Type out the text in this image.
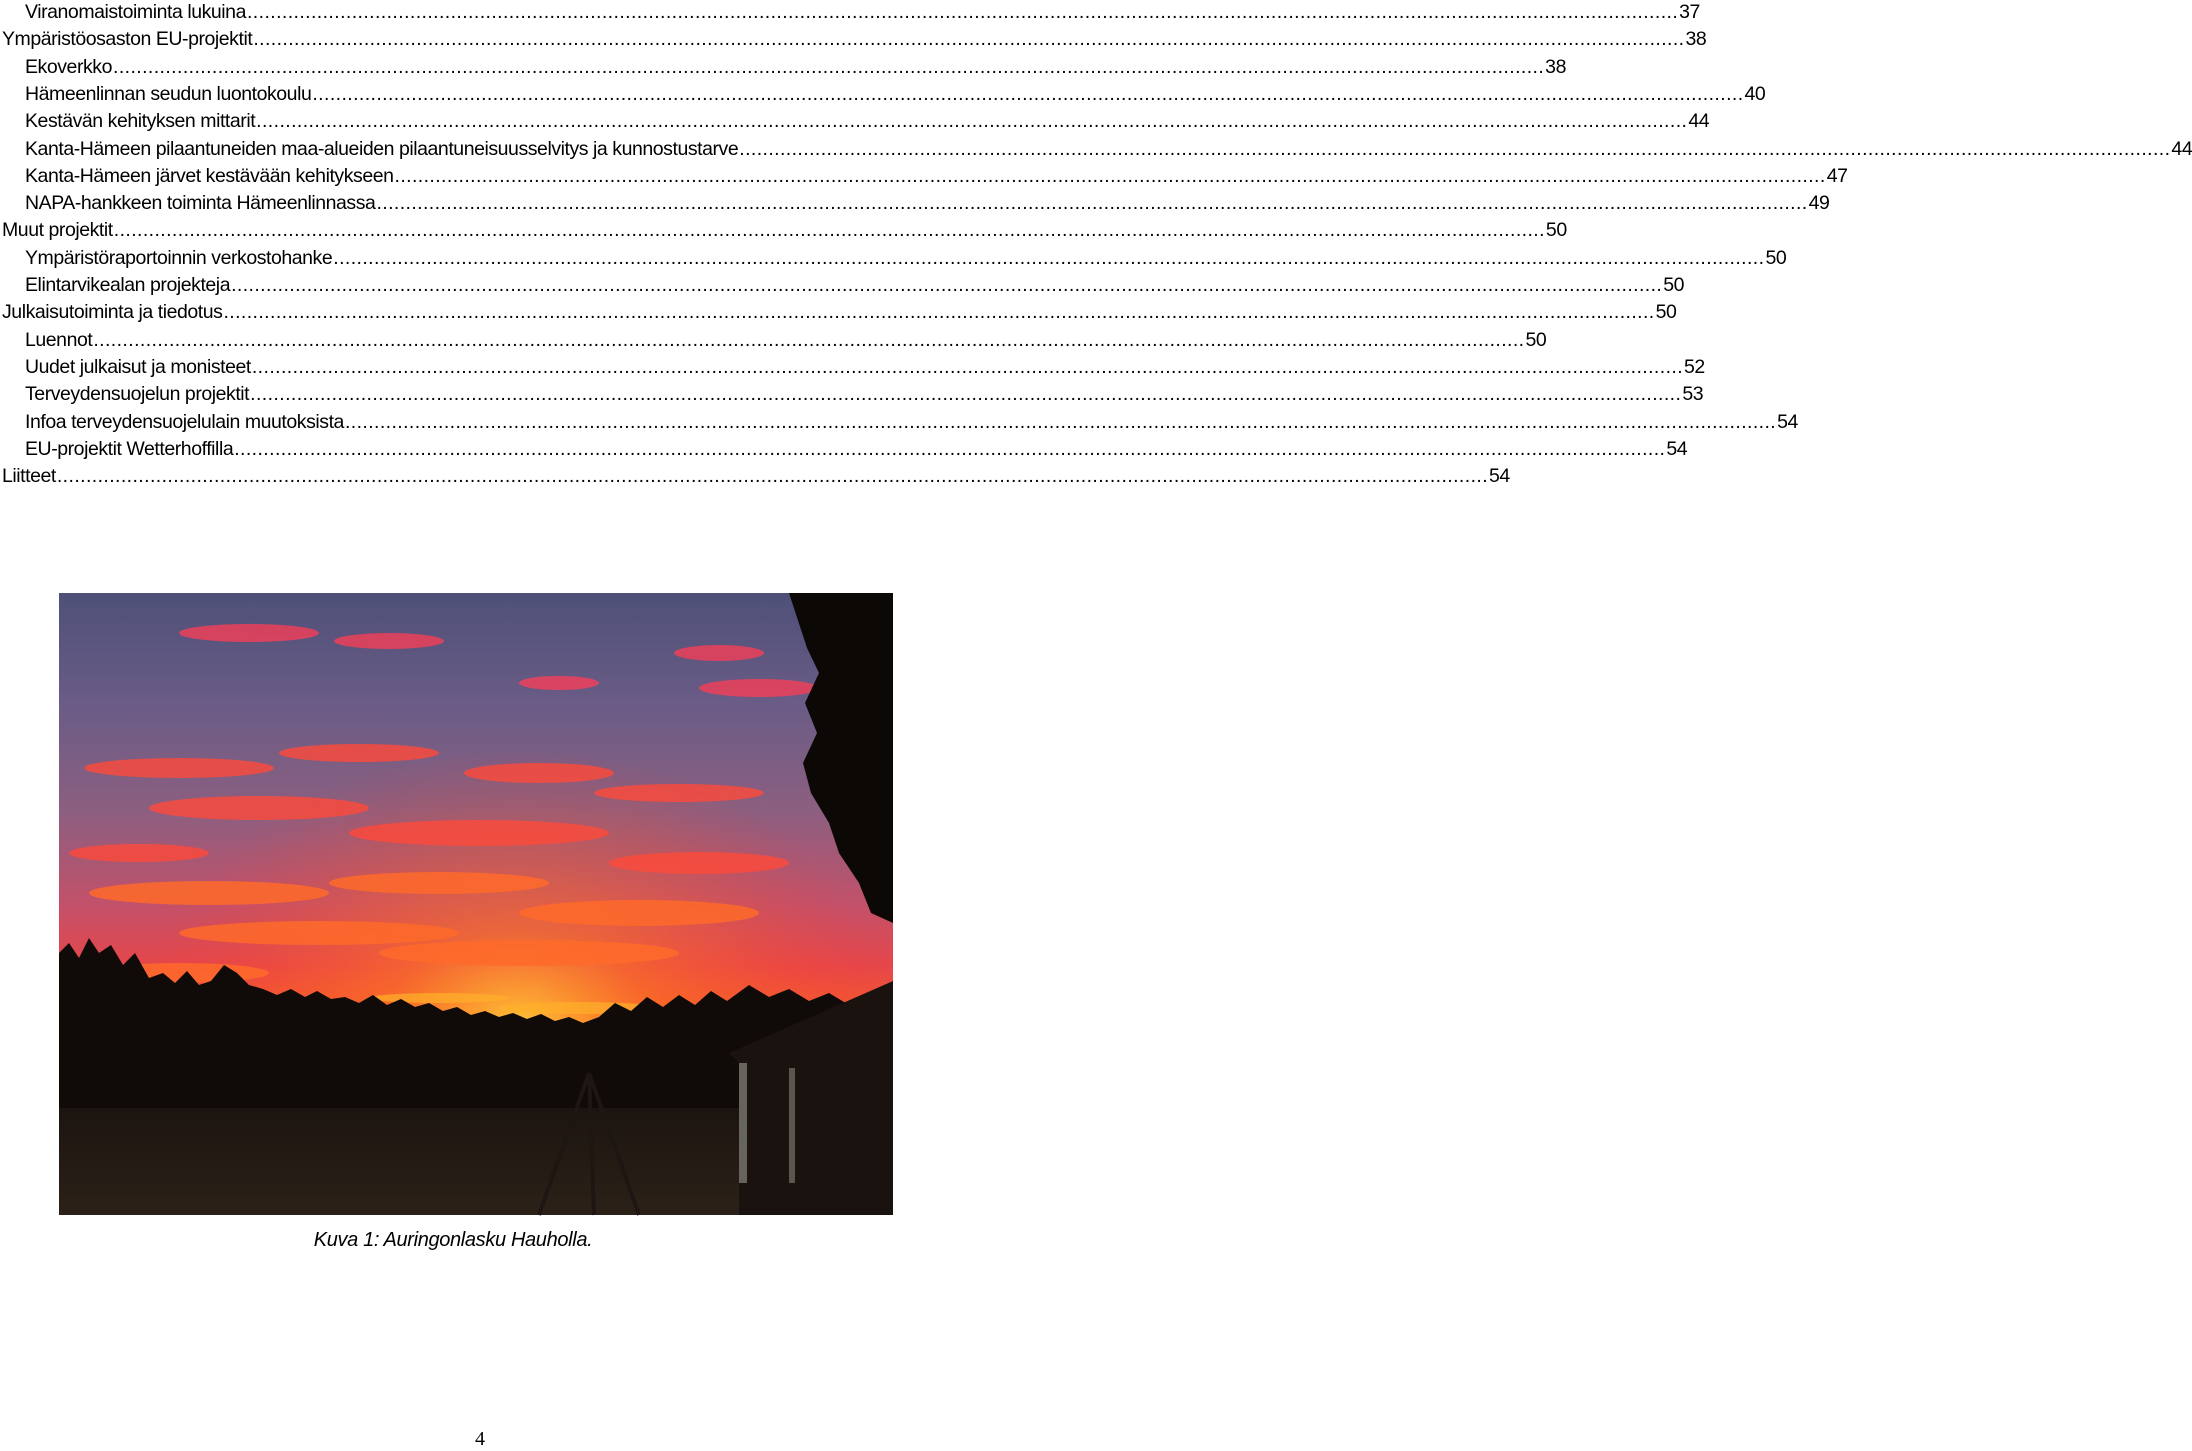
Viranomaistoiminta lukuina .....	37
Ympäristöosaston EU-projektit .....	38
Ekoverkko .....	38
Hämeenlinnan seudun luontokoulu .....	40
Kestävän kehityksen mittarit .....	44
Kanta-Hämeen pilaantuneiden maa-alueiden pilaantuneisuusselvitys ja kunnostustarve .....	44
Kanta-Hämeen järvet kestävään kehitykseen .....	47
NAPA-hankkeen toiminta Hämeenlinnassa .....	49
Muut projektit .....	50
Ympäristöraportoinnin verkostohanke .....	50
Elintarvikealan projekteja .....	50
Julkaisutoiminta ja tiedotus .....	50
Luennot .....	50
Uudet julkaisut ja monisteet .....	52
Terveydensuojelun projektit .....	53
Infoa terveydensuojelulain muutoksista .....	54
EU-projektit Wetterhoffilla .....	54
Liitteet .....	54
Kuva 1: Auringonlasku Hauholla.
4
